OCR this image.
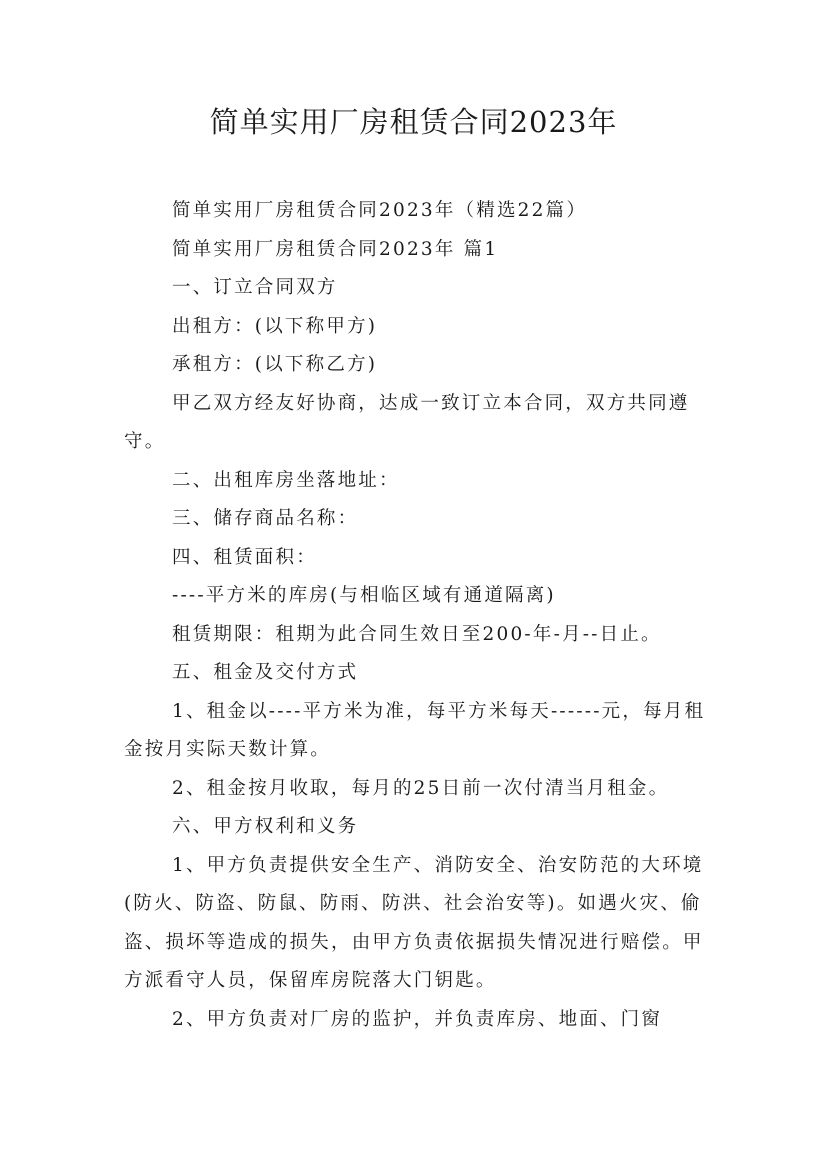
简单实用厂房租赁合同2023年

简单实用厂房租赁合同2023年（精选22篇）

简单实用厂房租赁合同2023年 篇1

一、订立合同双方

出租方：(以下称甲方)

承租方：(以下称乙方)

甲乙双方经友好协商，达成一致订立本合同，双方共同遵守。

二、出租库房坐落地址：

三、储存商品名称：

四、租赁面积：

----平方米的库房(与相临区域有通道隔离)

租赁期限：租期为此合同生效日至200-年-月--日止。

五、租金及交付方式

1、租金以----平方米为准，每平方米每天------元，每月租金按月实际天数计算。

2、租金按月收取，每月的25日前一次付清当月租金。

六、甲方权利和义务

1、甲方负责提供安全生产、消防安全、治安防范的大环境(防火、防盗、防鼠、防雨、防洪、社会治安等)。如遇火灾、偷盗、损坏等造成的损失，由甲方负责依据损失情况进行赔偿。甲方派看守人员，保留库房院落大门钥匙。

2、甲方负责对厂房的监护，并负责库房、地面、门窗
